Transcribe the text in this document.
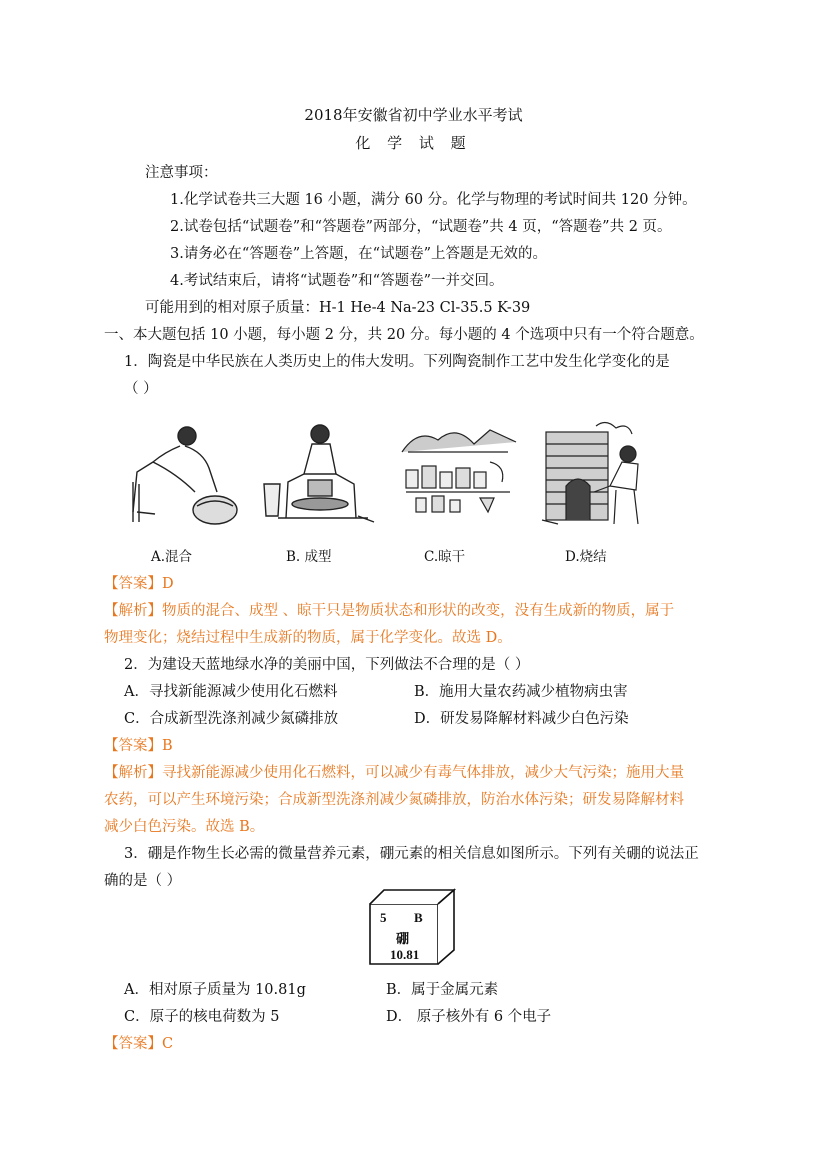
2018年安徽省初中学业水平考试
化 学 试 题
注意事项：
1.化学试卷共三大题 16 小题，满分 60 分。化学与物理的考试时间共 120 分钟。
2.试卷包括“试题卷”和“答题卷”两部分，“试题卷”共 4 页，“答题卷”共 2 页。
3.请务必在“答题卷”上答题，在“试题卷”上答题是无效的。
4.考试结束后，请将“试题卷”和“答题卷”一并交回。
可能用到的相对原子质量：H-1 He-4 Na-23 Cl-35.5 K-39
一、本大题包括 10 小题，每小题 2 分，共 20 分。每小题的 4 个选项中只有一个符合题意。
1．陶瓷是中华民族在人类历史上的伟大发明。下列陶瓷制作工艺中发生化学变化的是
（ ）
A.混合	B. 成型	C.晾干	D.烧结
【答案】D
【解析】物质的混合、成型 、晾干只是物质状态和形状的改变，没有生成新的物质，属于
物理变化；烧结过程中生成新的物质，属于化学变化。故选 D。
2．为建设天蓝地绿水净的美丽中国，下列做法不合理的是（ ）
A．寻找新能源减少使用化石燃料	B．施用大量农药减少植物病虫害
C．合成新型洗涤剂减少氮磷排放	D．研发易降解材料减少白色污染
【答案】B
【解析】寻找新能源减少使用化石燃料，可以减少有毒气体排放，减少大气污染；施用大量
农药，可以产生环境污染；合成新型洗涤剂减少氮磷排放，防治水体污染；研发易降解材料
减少白色污染。故选 B。
3．硼是作物生长必需的微量营养元素，硼元素的相关信息如图所示。下列有关硼的说法正
确的是（ ）
5 B
硼
10.81
A．相对原子质量为 10.81g	B．属于金属元素
C．原子的核电荷数为 5	D． 原子核外有 6 个电子
【答案】C
